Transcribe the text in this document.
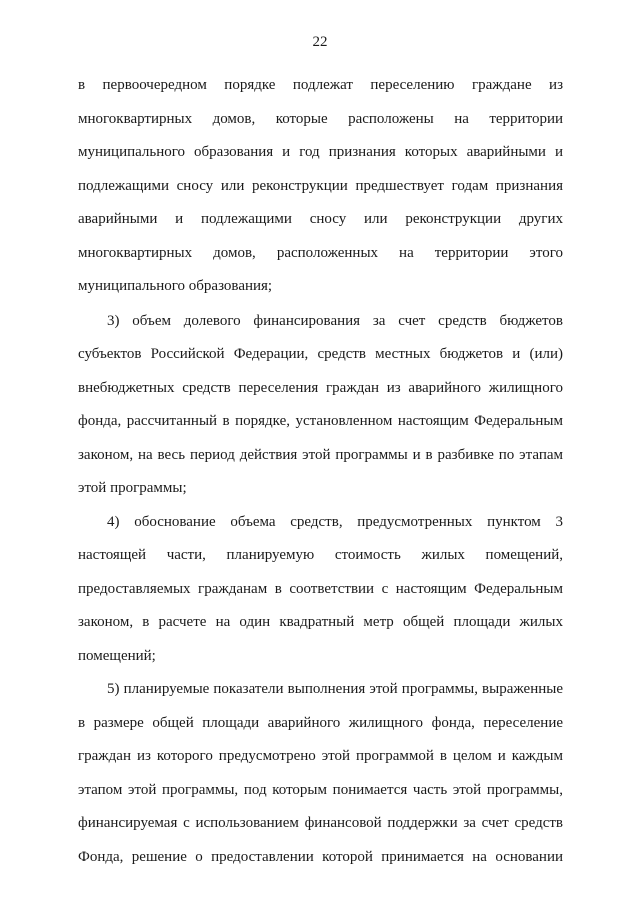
22

в первоочередном порядке подлежат переселению граждане из многоквартирных домов, которые расположены на территории муниципального образования и год признания которых аварийными и подлежащими сносу или реконструкции предшествует годам признания аварийными и подлежащими сносу или реконструкции других многоквартирных домов, расположенных на территории этого муниципального образования;

3) объем долевого финансирования за счет средств бюджетов субъектов Российской Федерации, средств местных бюджетов и (или) внебюджетных средств переселения граждан из аварийного жилищного фонда, рассчитанный в порядке, установленном настоящим Федеральным законом, на весь период действия этой программы и в разбивке по этапам этой программы;

4) обоснование объема средств, предусмотренных пунктом 3 настоящей части, планируемую стоимость жилых помещений, предоставляемых гражданам в соответствии с настоящим Федеральным законом, в расчете на один квадратный метр общей площади жилых помещений;

5) планируемые показатели выполнения этой программы, выраженные в размере общей площади аварийного жилищного фонда, переселение граждан из которого предусмотрено этой программой в целом и каждым этапом этой программы, под которым понимается часть этой программы, финансируемая с использованием финансовой поддержки за счет средств Фонда, решение о предоставлении которой принимается на основании
